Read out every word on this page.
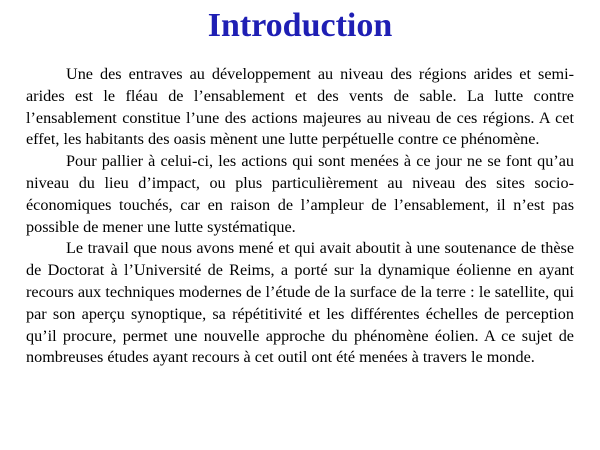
Introduction

Une des entraves au développement au niveau des régions arides et semi-arides est le fléau de l’ensablement et des vents de sable. La lutte contre l’ensablement constitue l’une des actions majeures au niveau de ces régions. A cet effet, les habitants des oasis mènent une lutte perpétuelle contre ce phénomène.

Pour pallier à celui-ci, les actions qui sont menées à ce jour ne se font qu’au niveau du lieu d’impact, ou plus particulièrement au niveau des sites socio-économiques touchés, car en raison de l’ampleur de l’ensablement, il n’est pas possible de mener une lutte systématique.

Le travail que nous avons mené et qui avait aboutit à une soutenance de thèse de Doctorat à l’Université de Reims, a porté sur la dynamique éolienne en ayant recours aux techniques modernes de l’étude de la surface de la terre : le satellite, qui par son aperçu synoptique, sa répétitivité et les différentes échelles de perception qu’il procure, permet une nouvelle approche du phénomène éolien. A ce sujet de nombreuses études ayant recours à cet outil ont été menées à travers le monde.
